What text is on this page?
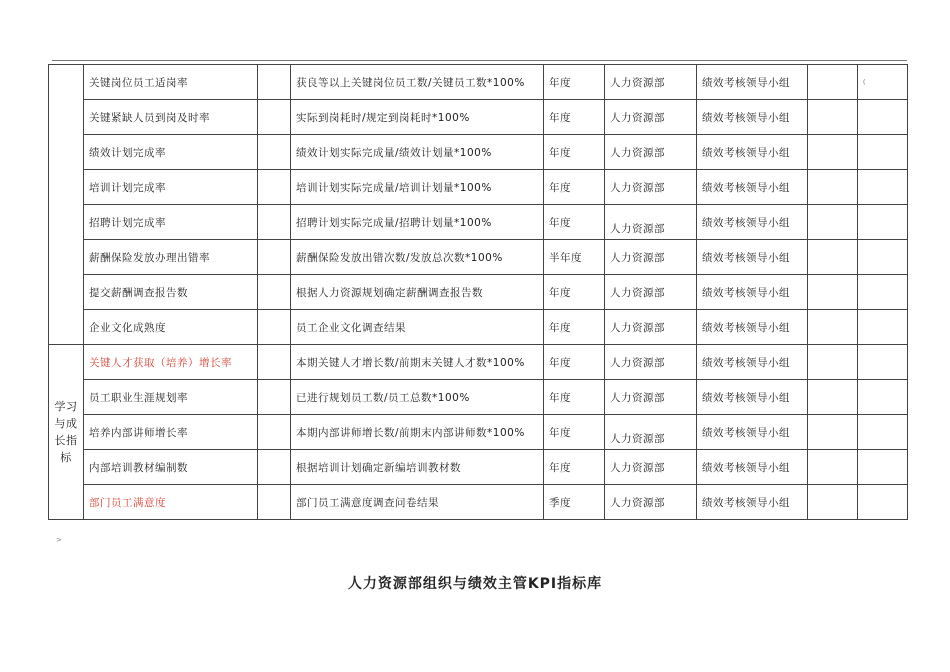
	关键岗位员工适岗率		获良等以上关键岗位员工数/关键员工数*100%	年度	人力资源部	绩效考核领导小组		(
	关键紧缺人员到岗及时率		实际到岗耗时/规定到岗耗时*100%	年度	人力资源部	绩效考核领导小组		
	绩效计划完成率		绩效计划实际完成量/绩效计划量*100%	年度	人力资源部	绩效考核领导小组		
	培训计划完成率		培训计划实际完成量/培训计划量*100%	年度	人力资源部	绩效考核领导小组		
	招聘计划完成率		招聘计划实际完成量/招聘计划量*100%	年度	人力资源部	绩效考核领导小组		
	薪酬保险发放办理出错率		薪酬保险发放出错次数/发放总次数*100%	半年度	人力资源部	绩效考核领导小组		
	提交薪酬调查报告数		根据人力资源规划确定薪酬调查报告数	年度	人力资源部	绩效考核领导小组		
	企业文化成熟度		员工企业文化调查结果	年度	人力资源部	绩效考核领导小组		
学习
与成
长指
标	关键人才获取（培养）增长率		本期关键人才增长数/前期末关键人才数*100%	年度	人力资源部	绩效考核领导小组		
	员工职业生涯规划率		已进行规划员工数/员工总数*100%	年度	人力资源部	绩效考核领导小组		
	培养内部讲师增长率		本期内部讲师增长数/前期末内部讲师数*100%	年度	人力资源部	绩效考核领导小组		
	内部培训教材编制数		根据培训计划确定新编培训教材数	年度	人力资源部	绩效考核领导小组		
	部门员工满意度		部门员工满意度调查问卷结果	季度	人力资源部	绩效考核领导小组		
>
人力资源部组织与绩效主管KPI指标库
